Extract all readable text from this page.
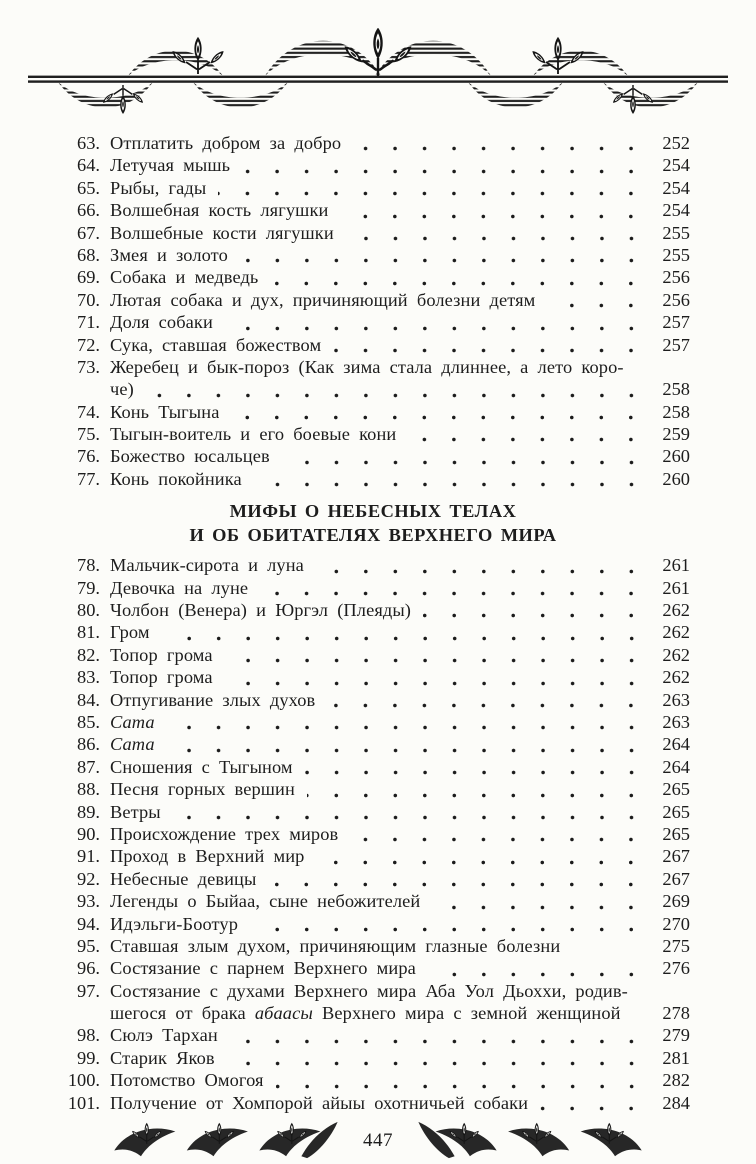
63. Отплатить добром за добро	252
64. Летучая мышь	254
65. Рыбы, гады	254
66. Волшебная кость лягушки	254
67. Волшебные кости лягушки	255
68. Змея и золото	255
69. Собака и медведь	256
70. Лютая собака и дух, причиняющий болезни детям	256
71. Доля собаки	257
72. Сука, ставшая божеством	257
73. Жеребец и бык-пороз (Как зима стала длиннее, а лето коро-
че)	258
74. Конь Тыгына	258
75. Тыгын-воитель и его боевые кони	259
76. Божество юсальцев	260
77. Конь покойника	260
МИФЫ О НЕБЕСНЫХ ТЕЛАХ
И ОБ ОБИТАТЕЛЯХ ВЕРХНЕГО МИРА
78. Мальчик-сирота и луна	261
79. Девочка на луне	261
80. Чолбон (Венера) и Юргэл (Плеяды)	262
81. Гром	262
82. Топор грома	262
83. Топор грома	262
84. Отпугивание злых духов	263
85. Сата	263
86. Сата	264
87. Сношения с Тыгыном	264
88. Песня горных вершин	265
89. Ветры	265
90. Происхождение трех миров	265
91. Проход в Верхний мир	267
92. Небесные девицы	267
93. Легенды о Быйаа, сыне небожителей	269
94. Идэльги-Боотур	270
95. Ставшая злым духом, причиняющим глазные болезни	275
96. Состязание с парнем Верхнего мира	276
97. Состязание с духами Верхнего мира Аба Уол Дьоххи, родив-
шегося от брака абаасы Верхнего мира с земной женщиной	278
98. Сюлэ Тархан	279
99. Старик Яков	281
100. Потомство Омогоя	282
101. Получение от Хомпорой айыы охотничьей собаки	284
447
